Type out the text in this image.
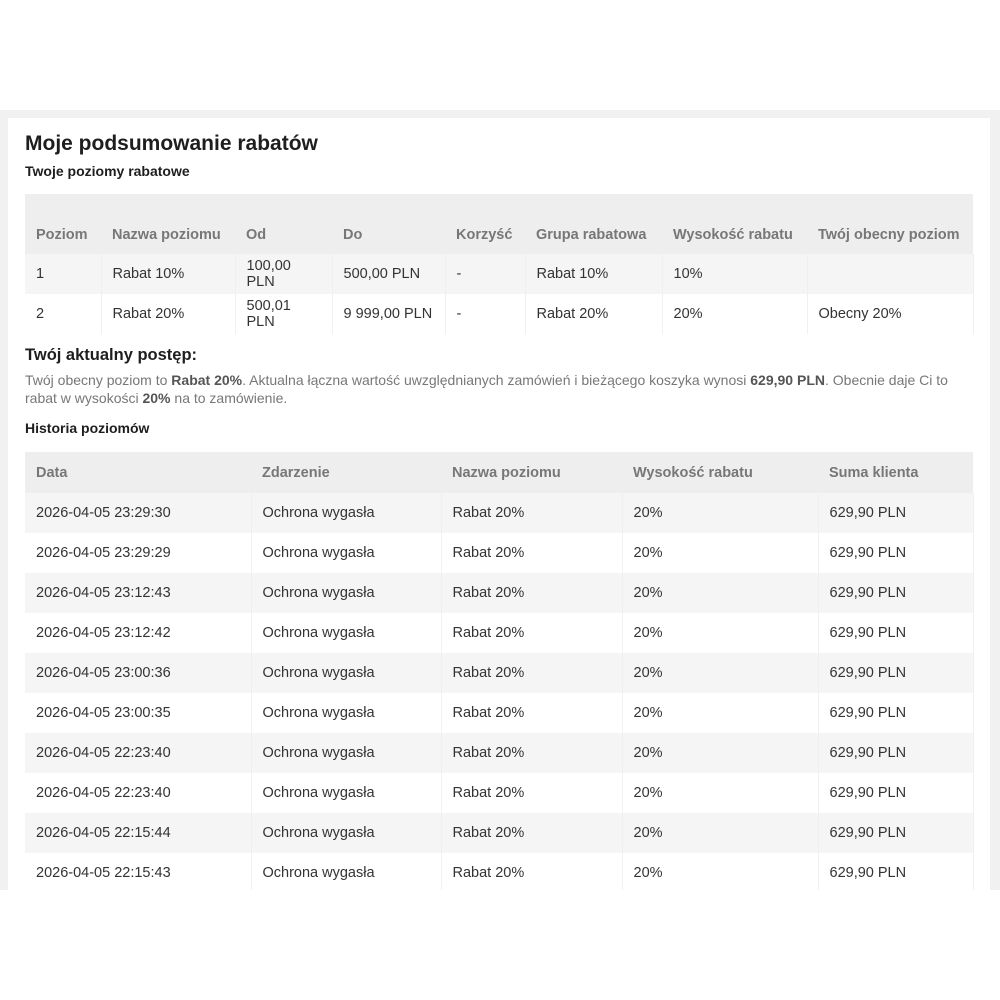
Moje podsumowanie rabatów
Twoje poziomy rabatowe
Poziom	Nazwa poziomu	Od	Do	Korzyść	Grupa rabatowa	Wysokość rabatu	Twój obecny poziom
1	Rabat 10%	100,00 PLN	500,00 PLN	-	Rabat 10%	10%	
2	Rabat 20%	500,01 PLN	9 999,00 PLN	-	Rabat 20%	20%	Obecny 20%
Twój aktualny postęp:

Twój obecny poziom to Rabat 20%. Aktualna łączna wartość uwzględnianych zamówień i bieżącego koszyka wynosi 629,90 PLN. Obecnie daje Ci to rabat w wysokości 20% na to zamówienie.

Historia poziomów
Data	Zdarzenie	Nazwa poziomu	Wysokość rabatu	Suma klienta
2026-04-05 23:29:30	Ochrona wygasła	Rabat 20%	20%	629,90 PLN
2026-04-05 23:29:29	Ochrona wygasła	Rabat 20%	20%	629,90 PLN
2026-04-05 23:12:43	Ochrona wygasła	Rabat 20%	20%	629,90 PLN
2026-04-05 23:12:42	Ochrona wygasła	Rabat 20%	20%	629,90 PLN
2026-04-05 23:00:36	Ochrona wygasła	Rabat 20%	20%	629,90 PLN
2026-04-05 23:00:35	Ochrona wygasła	Rabat 20%	20%	629,90 PLN
2026-04-05 22:23:40	Ochrona wygasła	Rabat 20%	20%	629,90 PLN
2026-04-05 22:23:40	Ochrona wygasła	Rabat 20%	20%	629,90 PLN
2026-04-05 22:15:44	Ochrona wygasła	Rabat 20%	20%	629,90 PLN
2026-04-05 22:15:43	Ochrona wygasła	Rabat 20%	20%	629,90 PLN
